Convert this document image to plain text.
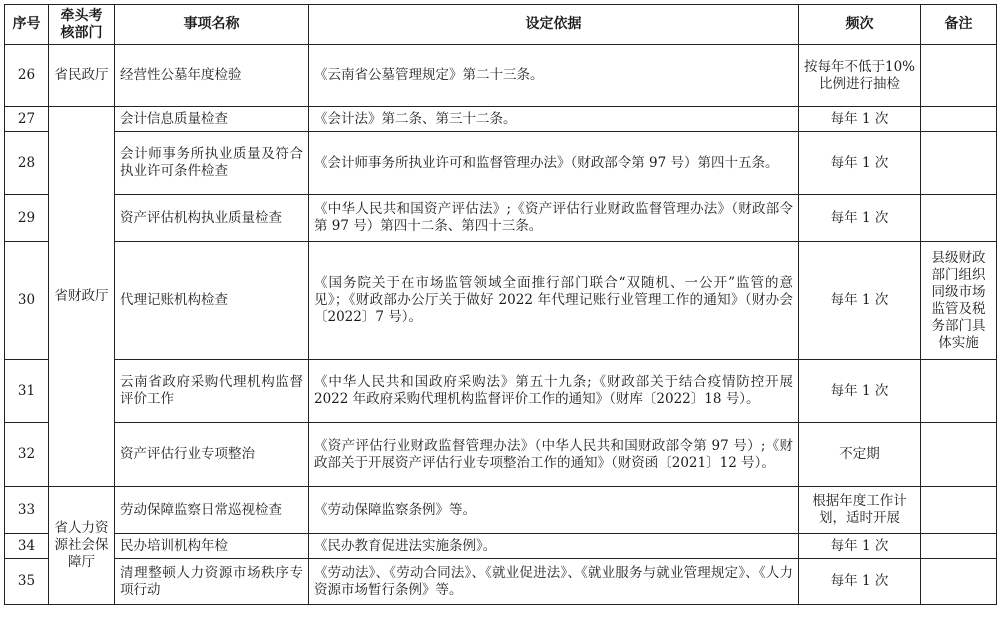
序号	牵头考核部门	事项名称	设定依据	频次	备注
26	省民政厅	经营性公墓年度检验	《云南省公墓管理规定》第二十三条。	按每年不低于10%比例进行抽检	
27	省财政厅	会计信息质量检查	《会计法》第二条、第三十二条。	每年 1 次	
28		会计师事务所执业质量及符合执业许可条件检查	《会计师事务所执业许可和监督管理办法》（财政部令第 97 号）第四十五条。	每年 1 次	
29		资产评估机构执业质量检查	《中华人民共和国资产评估法》;《资产评估行业财政监督管理办法》（财政部令第 97 号）第四十二条、第四十三条。	每年 1 次	
30		代理记账机构检查	《国务院关于在市场监管领域全面推行部门联合“双随机、一公开”监管的意见》；《财政部办公厅关于做好 2022 年代理记账行业管理工作的通知》（财办会〔2022〕7 号）。	每年 1 次	县级财政部门组织同级市场监管及税务部门具体实施
31		云南省政府采购代理机构监督评价工作	《中华人民共和国政府采购法》第五十九条;《财政部关于结合疫情防控开展 2022 年政府采购代理机构监督评价工作的通知》（财库〔2022〕18 号）。	每年 1 次	
32		资产评估行业专项整治	《资产评估行业财政监督管理办法》（中华人民共和国财政部令第 97 号）;《财政部关于开展资产评估行业专项整治工作的通知》（财资函〔2021〕12 号）。	不定期	
33	省人力资源社会保障厅	劳动保障监察日常巡视检查	《劳动保障监察条例》等。	根据年度工作计划，适时开展	
34		民办培训机构年检	《民办教育促进法实施条例》。	每年 1 次	
35		清理整顿人力资源市场秩序专项行动	《劳动法》、《劳动合同法》、《就业促进法》、《就业服务与就业管理规定》、《人力资源市场暂行条例》等。	每年 1 次	
